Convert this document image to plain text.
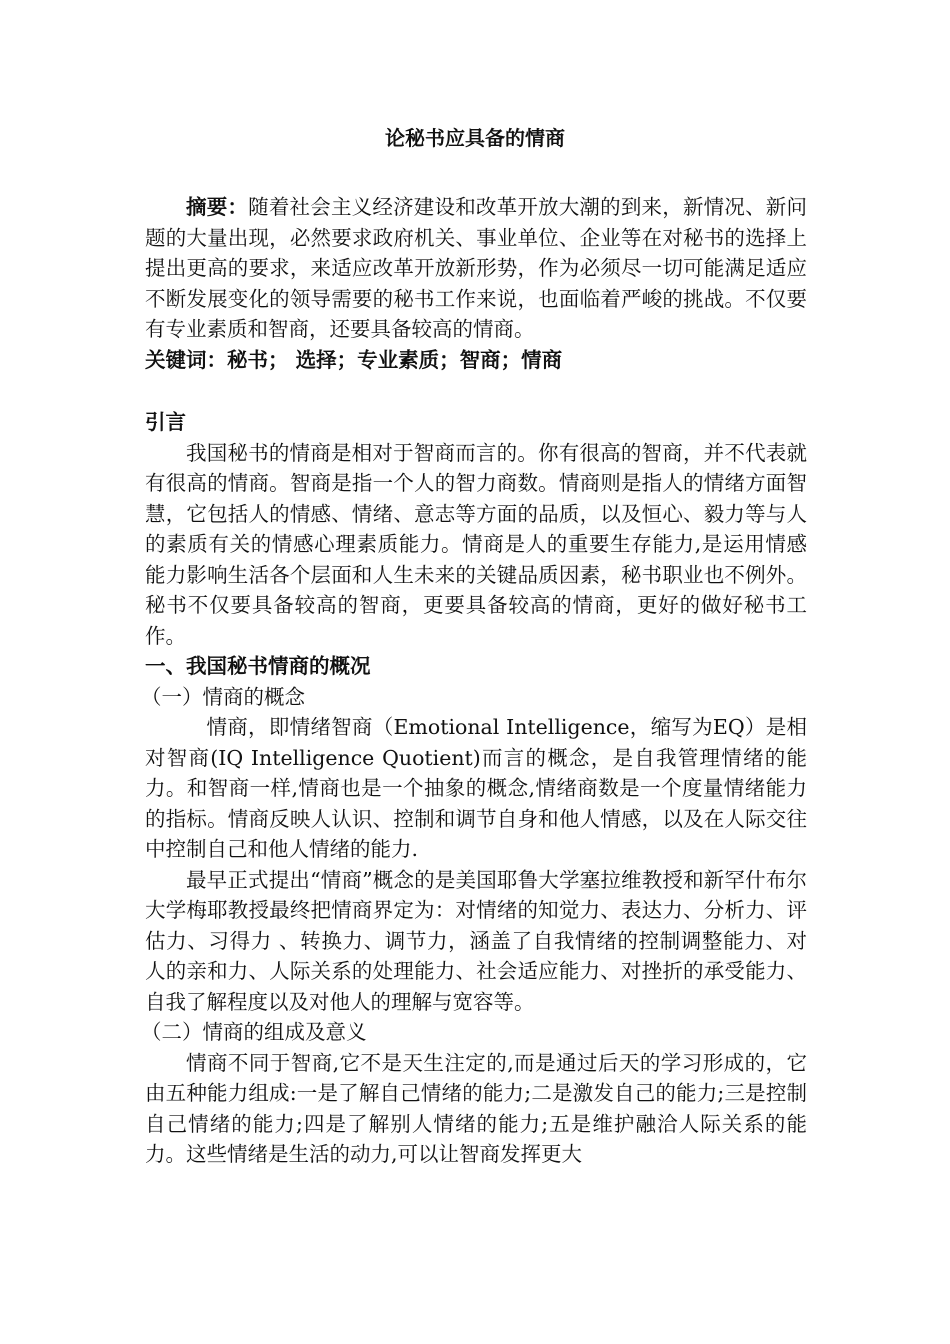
论秘书应具备的情商

摘要：随着社会主义经济建设和改革开放大潮的到来，新情况、新问题的大量出现，必然要求政府机关、事业单位、企业等在对秘书的选择上提出更高的要求，来适应改革开放新形势，作为必须尽一切可能满足适应不断发展变化的领导需要的秘书工作来说，也面临着严峻的挑战。不仅要有专业素质和智商，还要具备较高的情商。

关键词：秘书； 选择；专业素质；智商；情商

引言

我国秘书的情商是相对于智商而言的。你有很高的智商，并不代表就有很高的情商。智商是指一个人的智力商数。情商则是指人的情绪方面智慧，它包括人的情感、情绪、意志等方面的品质，以及恒心、毅力等与人的素质有关的情感心理素质能力。情商是人的重要生存能力,是运用情感能力影响生活各个层面和人生未来的关键品质因素，秘书职业也不例外。秘书不仅要具备较高的智商，更要具备较高的情商，更好的做好秘书工作。

一、我国秘书情商的概况

（一）情商的概念

情商，即情绪智商（Emotional Intelligence，缩写为EQ）是相对智商(IQ Intelligence Quotient)而言的概念，是自我管理情绪的能力。和智商一样,情商也是一个抽象的概念,情绪商数是一个度量情绪能力的指标。情商反映人认识、控制和调节自身和他人情感，以及在人际交往中控制自己和他人情绪的能力.

最早正式提出“情商”概念的是美国耶鲁大学塞拉维教授和新罕什布尔大学梅耶教授最终把情商界定为：对情绪的知觉力、表达力、分析力、评估力、习得力 、转换力、调节力，涵盖了自我情绪的控制调整能力、对人的亲和力、人际关系的处理能力、社会适应能力、对挫折的承受能力、自我了解程度以及对他人的理解与宽容等。

（二）情商的组成及意义

情商不同于智商,它不是天生注定的,而是通过后天的学习形成的，它由五种能力组成:一是了解自己情绪的能力;二是激发自己的能力;三是控制自己情绪的能力;四是了解别人情绪的能力;五是维护融洽人际关系的能力。这些情绪是生活的动力,可以让智商发挥更大
